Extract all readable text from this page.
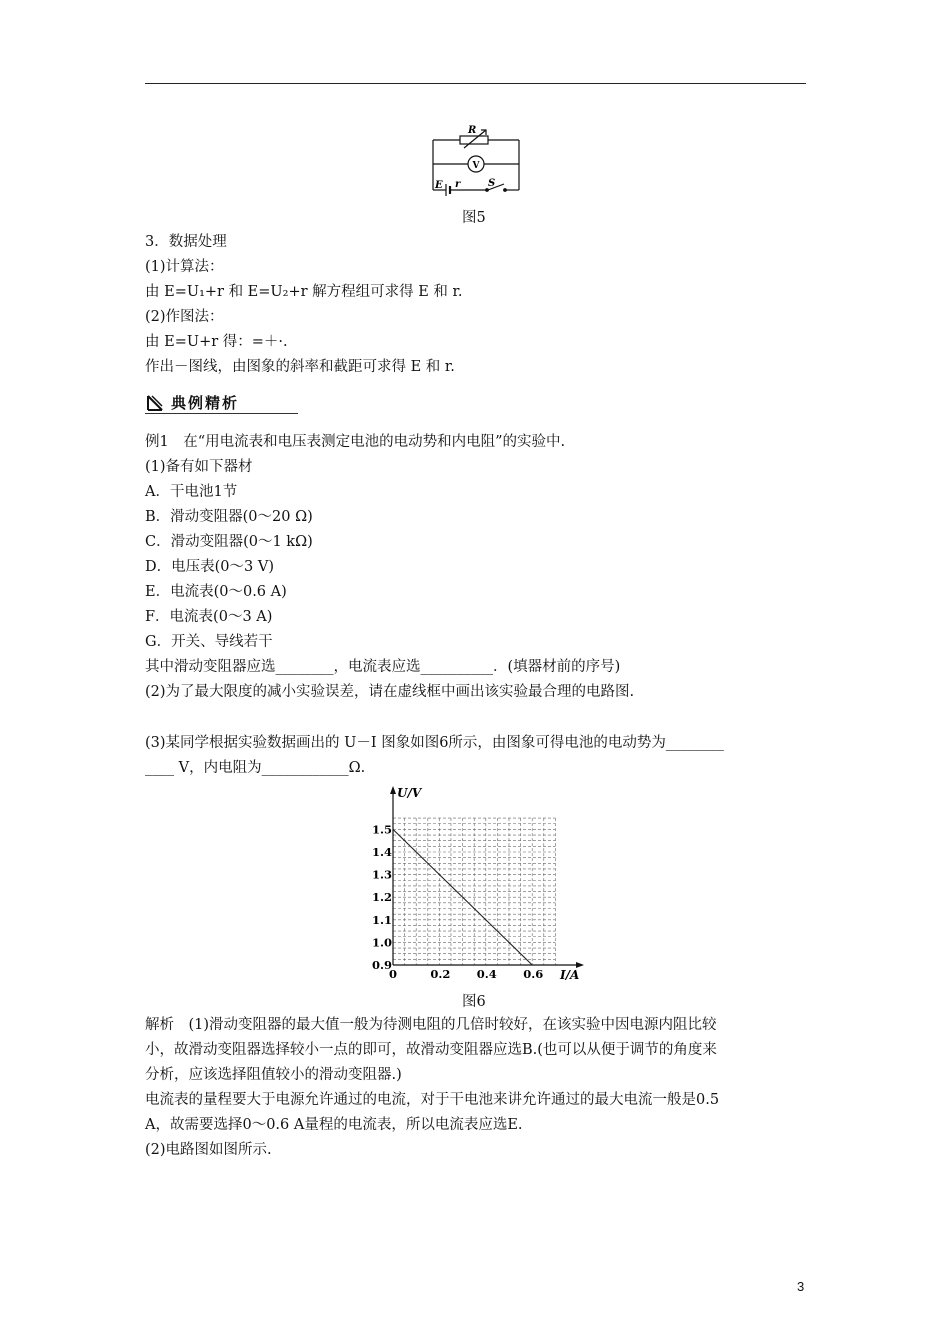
R
V
E r	S
图5
3．数据处理
(1)计算法：
由 E=U₁+r 和 E=U₂+r 解方程组可求得 E 和 r.
(2)作图法：
由 E=U+r 得：=＋·.
作出－图线，由图象的斜率和截距可求得 E 和 r.
典例精析
例1　在“用电流表和电压表测定电池的电动势和内电阻”的实验中.
(1)备有如下器材
A．干电池1节
B．滑动变阻器(0～20 Ω)
C．滑动变阻器(0～1 kΩ)
D．电压表(0～3 V)
E．电流表(0～0.6 A)
F．电流表(0～3 A)
G．开关、导线若干
其中滑动变阻器应选________，电流表应选__________．(填器材前的序号)
(2)为了最大限度的减小实验误差，请在虚线框中画出该实验最合理的电路图.
(3)某同学根据实验数据画出的 U－I 图象如图6所示，由图象可得电池的电动势为________
____ V，内电阻为____________Ω.
U/V
I/A
0.9
1.0
1.1
1.2
1.3
1.4
1.5
0	0.2 0.4 0.6
图6
解析　(1)滑动变阻器的最大值一般为待测电阻的几倍时较好，在该实验中因电源内阻比较
小，故滑动变阻器选择较小一点的即可，故滑动变阻器应选B.(也可以从便于调节的角度来
分析，应该选择阻值较小的滑动变阻器.)
电流表的量程要大于电源允许通过的电流，对于干电池来讲允许通过的最大电流一般是0.5
A，故需要选择0～0.6 A量程的电流表，所以电流表应选E.
(2)电路图如图所示.
3
